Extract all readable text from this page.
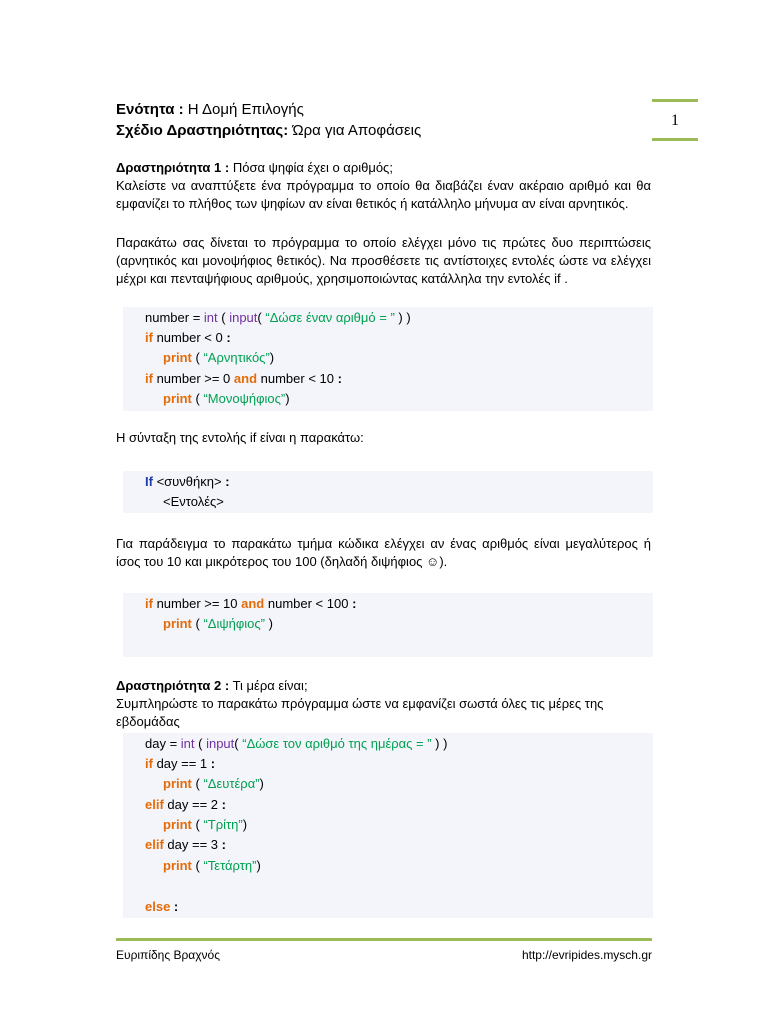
Ενότητα : Η Δομή Επιλογής
Σχέδιο Δραστηριότητας: Ώρα για Αποφάσεις
1
Δραστηριότητα 1 : Πόσα ψηφία έχει ο αριθμός;
Καλείστε να αναπτύξετε ένα πρόγραμμα το οποίο θα διαβάζει έναν ακέραιο αριθμό και θα εμφανίζει το πλήθος των ψηφίων αν είναι θετικός ή κατάλληλο μήνυμα αν είναι αρνητικός.
Παρακάτω σας δίνεται το πρόγραμμα το οποίο ελέγχει μόνο τις πρώτες δυο περιπτώσεις (αρνητικός και μονοψήφιος θετικός). Να προσθέσετε τις αντίστοιχες εντολές ώστε να ελέγχει μέχρι και πενταψήφιους αριθμούς, χρησιμοποιώντας κατάλληλα την εντολές if .
number = int ( input( “Δώσε έναν αριθμό = ” ) )
if number < 0 :
print ( “Αρνητικός”)
if number >= 0 and number < 10 :
print ( “Μονοψήφιος”)
Η σύνταξη της εντολής if είναι η παρακάτω:
If <συνθήκη> :
<Εντολές>
Για παράδειγμα το παρακάτω τμήμα κώδικα ελέγχει αν ένας αριθμός είναι μεγαλύτερος ή ίσος του 10 και μικρότερος του 100 (δηλαδή διψήφιος ☺).
if number >= 10 and number < 100 :
print ( “Διψήφιος” )
Δραστηριότητα 2 : Τι μέρα είναι;
Συμπληρώστε το παρακάτω πρόγραμμα ώστε να εμφανίζει σωστά όλες τις μέρες της εβδομάδας
day = int ( input( “Δώσε τον αριθμό της ημέρας = ” ) )
if day == 1 :
print ( “Δευτέρα”)
elif day == 2 :
print ( “Τρίτη”)
elif day == 3 :
print ( “Τετάρτη”)
else :
Ευριπίδης Βραχνός	http://evripides.mysch.gr
